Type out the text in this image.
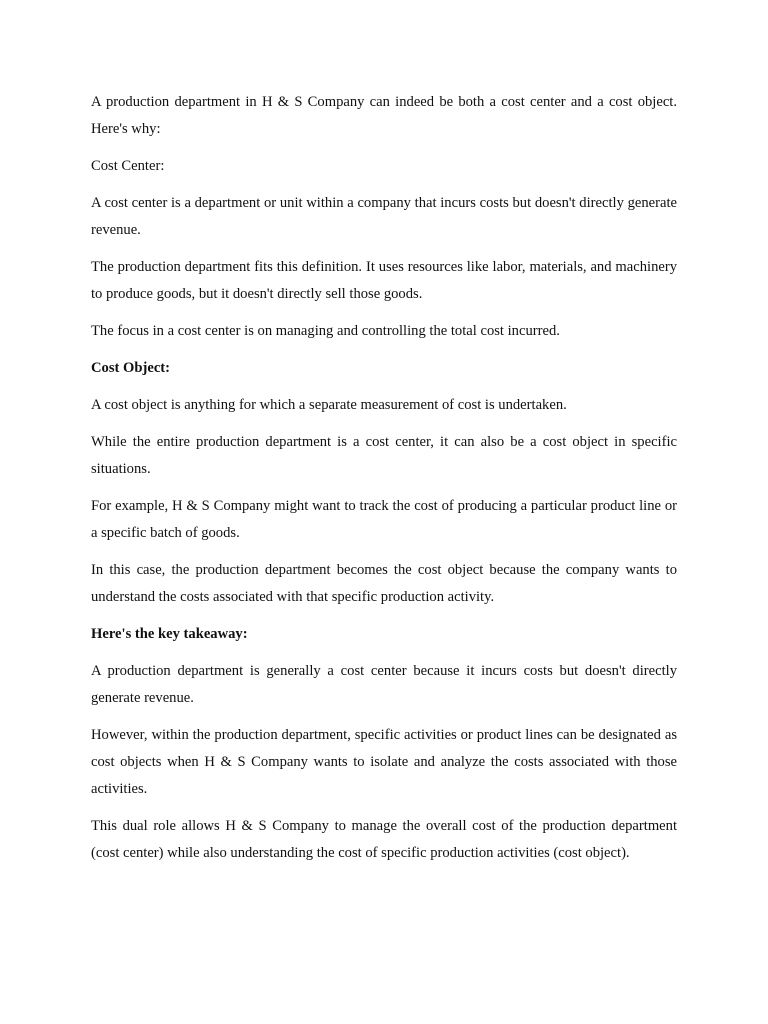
A production department in H & S Company can indeed be both a cost center and a cost object. Here's why:

Cost Center:

A cost center is a department or unit within a company that incurs costs but doesn't directly generate revenue.

The production department fits this definition. It uses resources like labor, materials, and machinery to produce goods, but it doesn't directly sell those goods.

The focus in a cost center is on managing and controlling the total cost incurred.

Cost Object:

A cost object is anything for which a separate measurement of cost is undertaken.

While the entire production department is a cost center, it can also be a cost object in specific situations.

For example, H & S Company might want to track the cost of producing a particular product line or a specific batch of goods.

In this case, the production department becomes the cost object because the company wants to understand the costs associated with that specific production activity.

Here's the key takeaway:

A production department is generally a cost center because it incurs costs but doesn't directly generate revenue.

However, within the production department, specific activities or product lines can be designated as cost objects when H & S Company wants to isolate and analyze the costs associated with those activities.

This dual role allows H & S Company to manage the overall cost of the production department (cost center) while also understanding the cost of specific production activities (cost object).
